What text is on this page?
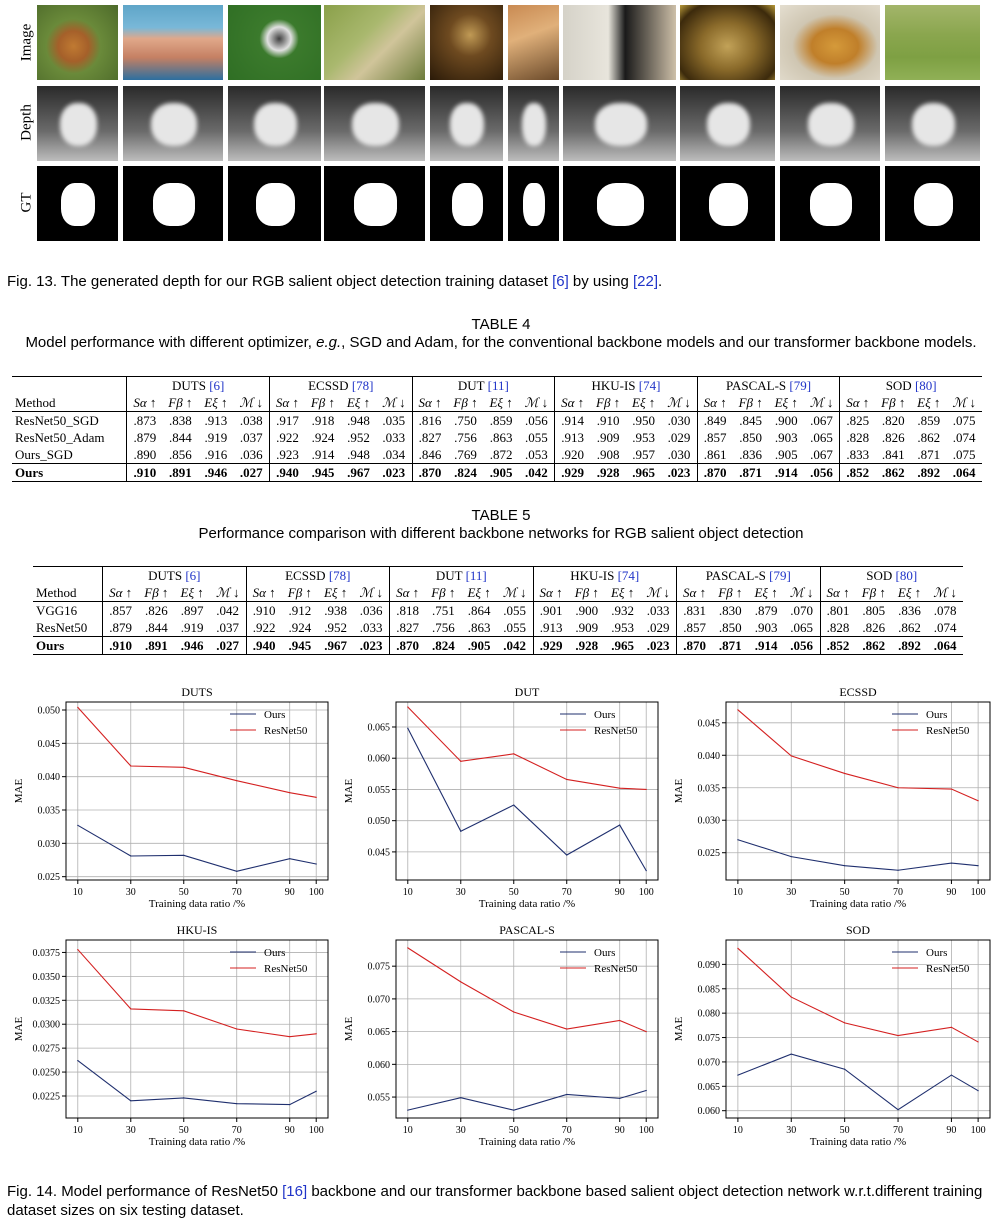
Image
Depth
GT
Fig. 13. The generated depth for our RGB salient object detection training dataset [6] by using [22].
TABLE 4
Model performance with different optimizer, e.g., SGD and Adam, for the conventional backbone models and our transformer backbone models.
	DUTS [6]				ECSSD [78]				DUT [11]				HKU-IS [74]				PASCAL-S [79]				SOD [80]			
Method	Sα ↑	Fβ ↑	Eξ ↑	ℳ ↓	Sα ↑	Fβ ↑	Eξ ↑	ℳ ↓	Sα ↑	Fβ ↑	Eξ ↑	ℳ ↓	Sα ↑	Fβ ↑	Eξ ↑	ℳ ↓	Sα ↑	Fβ ↑	Eξ ↑	ℳ ↓	Sα ↑	Fβ ↑	Eξ ↑	ℳ ↓
ResNet50_SGD	.873	.838	.913	.038	.917	.918	.948	.035	.816	.750	.859	.056	.914	.910	.950	.030	.849	.845	.900	.067	.825	.820	.859	.075
ResNet50_Adam	.879	.844	.919	.037	.922	.924	.952	.033	.827	.756	.863	.055	.913	.909	.953	.029	.857	.850	.903	.065	.828	.826	.862	.074
Ours_SGD	.890	.856	.916	.036	.923	.914	.948	.034	.846	.769	.872	.053	.920	.908	.957	.030	.861	.836	.905	.067	.833	.841	.871	.075
Ours	.910	.891	.946	.027	.940	.945	.967	.023	.870	.824	.905	.042	.929	.928	.965	.023	.870	.871	.914	.056	.852	.862	.892	.064
TABLE 5
Performance comparison with different backbone networks for RGB salient object detection
	DUTS [6]				ECSSD [78]				DUT [11]				HKU-IS [74]				PASCAL-S [79]				SOD [80]			
Method	Sα ↑	Fβ ↑	Eξ ↑	ℳ ↓	Sα ↑	Fβ ↑	Eξ ↑	ℳ ↓	Sα ↑	Fβ ↑	Eξ ↑	ℳ ↓	Sα ↑	Fβ ↑	Eξ ↑	ℳ ↓	Sα ↑	Fβ ↑	Eξ ↑	ℳ ↓	Sα ↑	Fβ ↑	Eξ ↑	ℳ ↓
VGG16	.857	.826	.897	.042	.910	.912	.938	.036	.818	.751	.864	.055	.901	.900	.932	.033	.831	.830	.879	.070	.801	.805	.836	.078
ResNet50	.879	.844	.919	.037	.922	.924	.952	.033	.827	.756	.863	.055	.913	.909	.953	.029	.857	.850	.903	.065	.828	.826	.862	.074
Ours	.910	.891	.946	.027	.940	.945	.967	.023	.870	.824	.905	.042	.929	.928	.965	.023	.870	.871	.914	.056	.852	.862	.892	.064
10	30	50	70	90 100
0.025
0.030
0.035
0.040
0.045
0.050
DUTS
Training data ratio /%
MAE
Ours
ResNet50
10	30	50	70	90 100
0.045
0.050
0.055
0.060
0.065
DUT
Training data ratio /%
MAE
Ours
ResNet50
10	30	50	70	90 100
0.025
0.030
0.035
0.040
0.045
ECSSD
Training data ratio /%
MAE
Ours
ResNet50
10	30	50	70	90 100
0.0225
0.0250
0.0275
0.0300
0.0325
0.0350
0.0375
HKU-IS
Training data ratio /%
MAE
Ours
ResNet50
10	30	50	70	90 100
0.055
0.060
0.065
0.070
0.075
PASCAL-S
Training data ratio /%
MAE
Ours
ResNet50
10	30	50	70	90 100
0.060
0.065
0.070
0.075
0.080
0.085
0.090
SOD
Training data ratio /%
MAE
Ours
ResNet50
Fig. 14. Model performance of ResNet50 [16] backbone and our transformer backbone based salient object detection network w.r.t.different training dataset sizes on six testing dataset.
